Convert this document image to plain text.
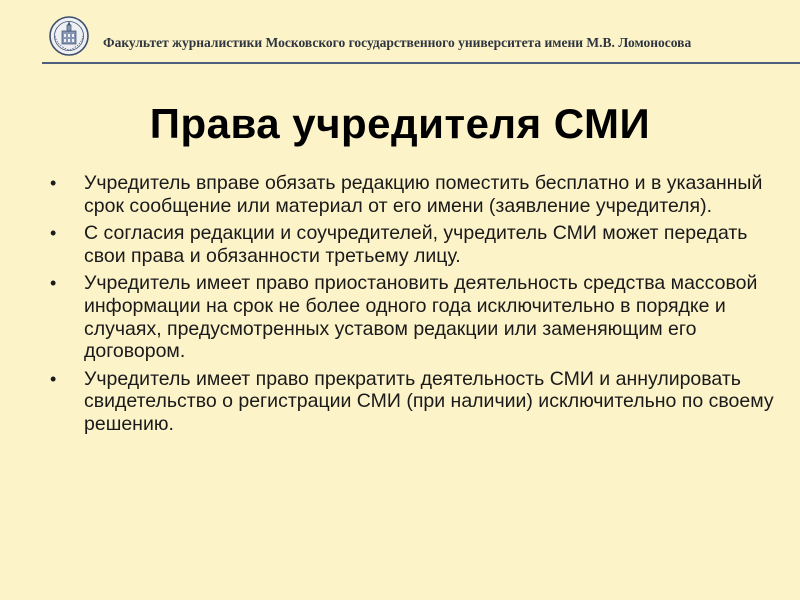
Факультет журналистики Московского государственного университета имени М.В. Ломоносова
Права учредителя СМИ
• Учредитель вправе обязать редакцию поместить бесплатно и в указанный срок сообщение или материал от его имени (заявление учредителя).
• С согласия редакции и соучредителей, учредитель СМИ может передать свои права и обязанности третьему лицу.
• Учредитель имеет право приостановить деятельность средства массовой информации на срок не более одного года исключительно в порядке и случаях, предусмотренных уставом редакции или заменяющим его договором.
• Учредитель имеет право прекратить деятельность СМИ и аннулировать свидетельство о регистрации СМИ (при наличии) исключительно по своему решению.
